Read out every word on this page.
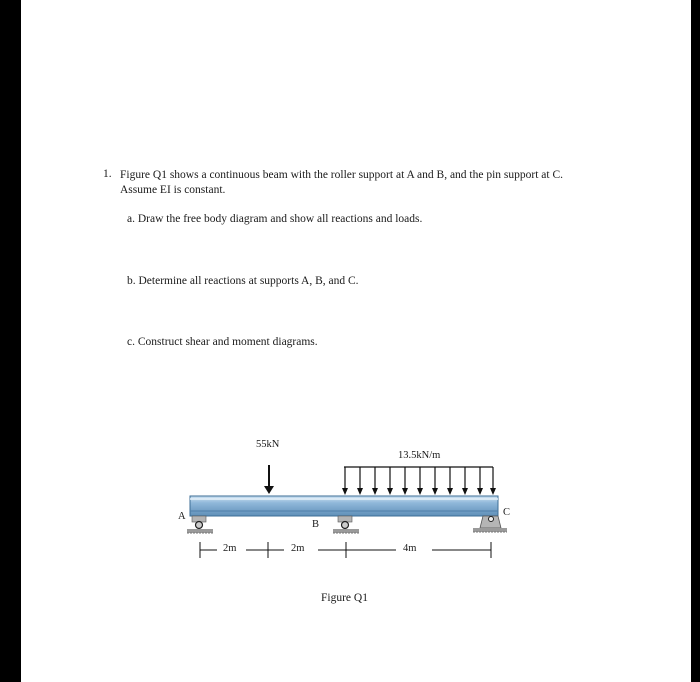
1. Figure Q1 shows a continuous beam with the roller support at A and B, and the pin support at C. Assume EI is constant.
a. Draw the free body diagram and show all reactions and loads.
b. Determine all reactions at supports A, B, and C.
c. Construct shear and moment diagrams.
55kN
13.5kN/m
A
B
C
2m	2m	4m
Figure Q1
